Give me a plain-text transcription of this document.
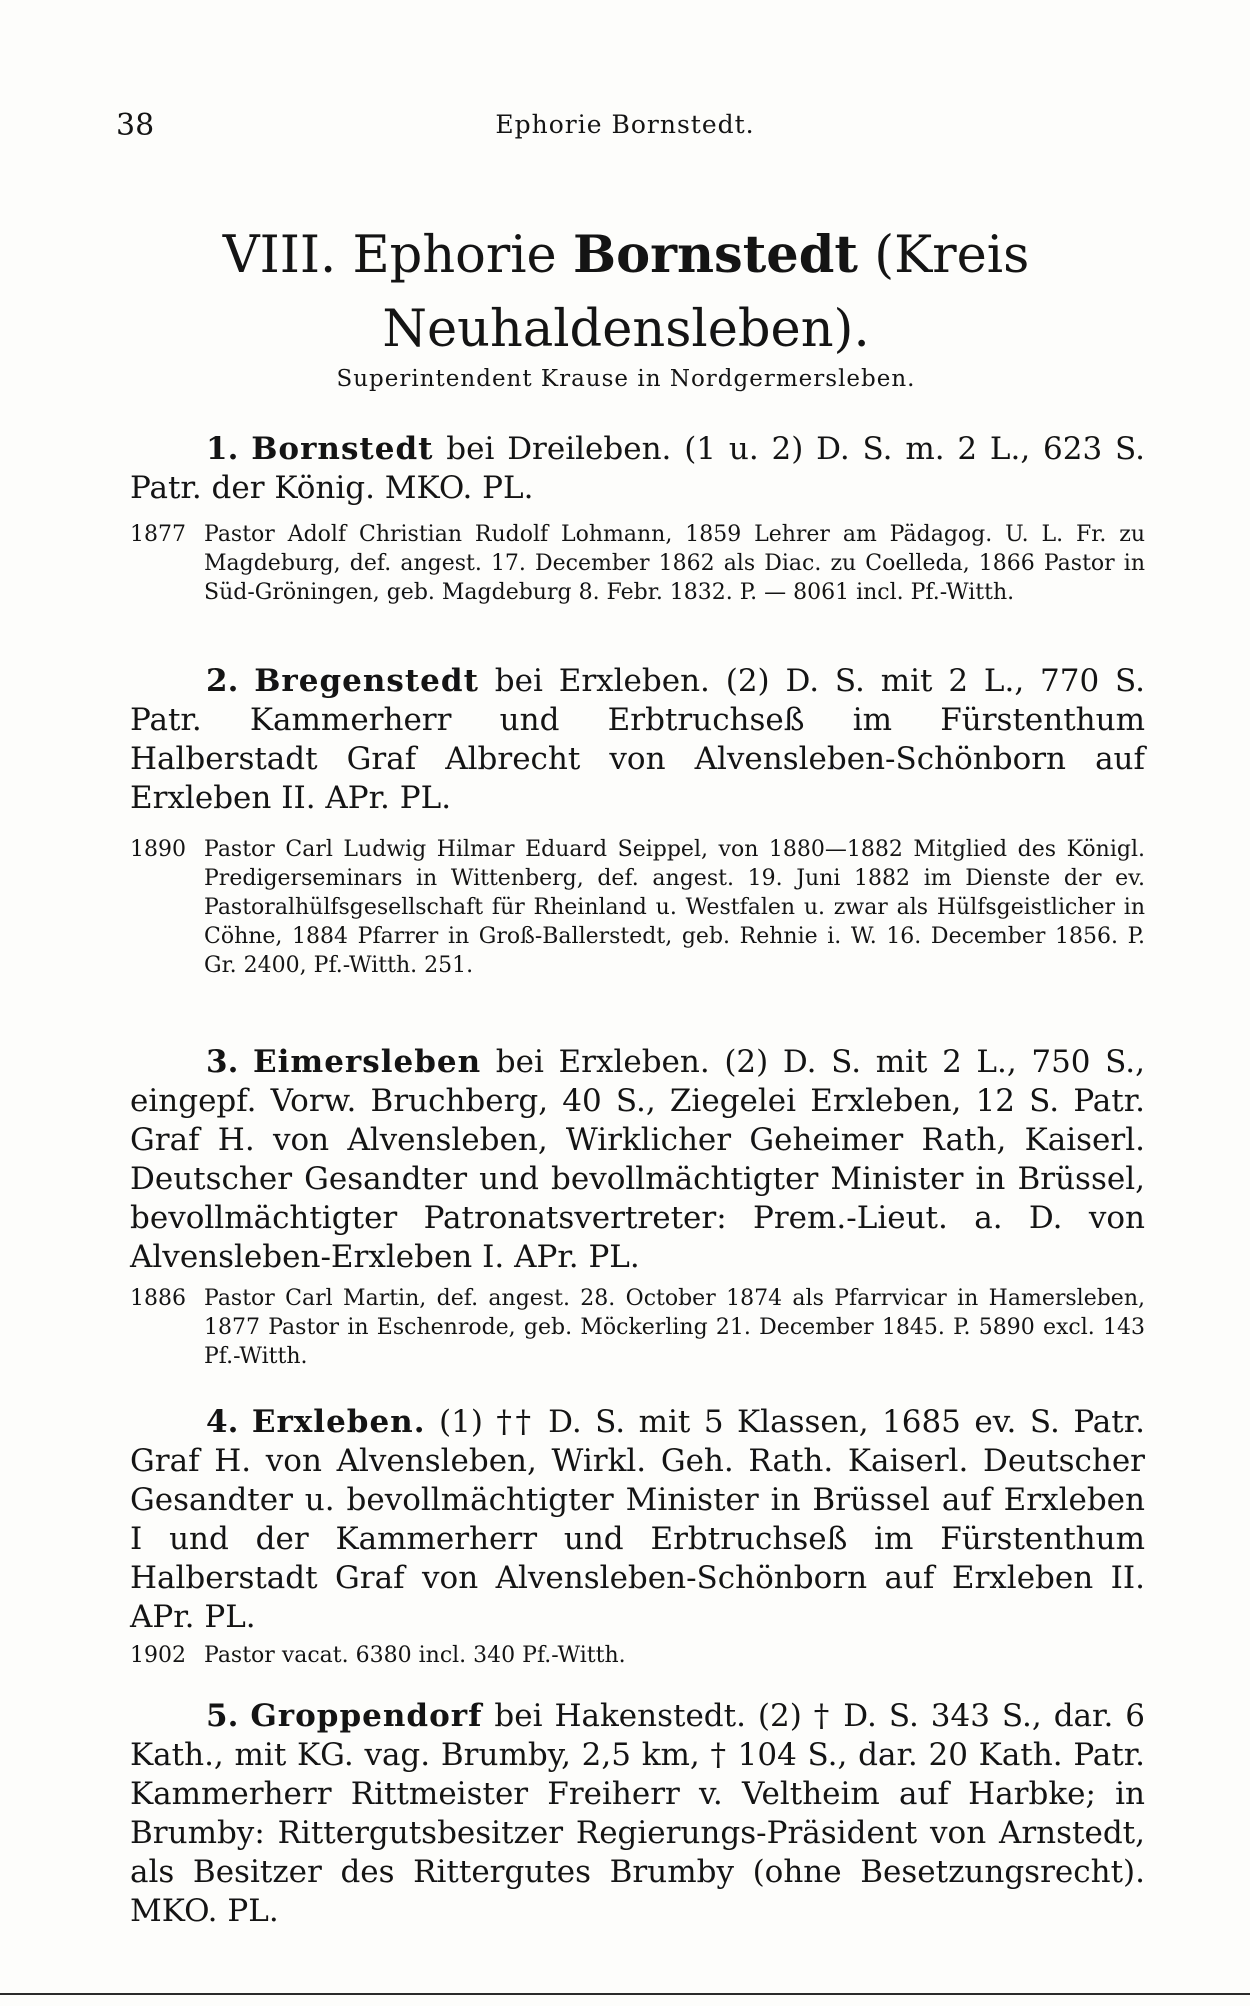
38	Ephorie Bornstedt.
VIII. Ephorie Bornstedt (Kreis Neuhaldensleben).
Superintendent Krause in Nordgermersleben.
1. Bornstedt bei Dreileben. (1 u. 2) D. S. m. 2 L., 623 S. Patr. der König. MKO. PL.
1877 Pastor Adolf Christian Rudolf Lohmann, 1859 Lehrer am Pädagog. U. L. Fr. zu Magdeburg, def. angest. 17. December 1862 als Diac. zu Coelleda, 1866 Pastor in Süd-Gröningen, geb. Magdeburg 8. Febr. 1832. P. — 8061 incl. Pf.-Witth.
2. Bregenstedt bei Erxleben. (2) D. S. mit 2 L., 770 S. Patr. Kammerherr und Erbtruchseß im Fürstenthum Halberstadt Graf Albrecht von Alvensleben-Schönborn auf Erxleben II. APr. PL.
1890 Pastor Carl Ludwig Hilmar Eduard Seippel, von 1880—1882 Mitglied des Königl. Predigerseminars in Wittenberg, def. angest. 19. Juni 1882 im Dienste der ev. Pastoralhülfsgesellschaft für Rheinland u. Westfalen u. zwar als Hülfsgeistlicher in Cöhne, 1884 Pfarrer in Groß-Ballerstedt, geb. Rehnie i. W. 16. December 1856. P. Gr. 2400, Pf.-Witth. 251.
3. Eimersleben bei Erxleben. (2) D. S. mit 2 L., 750 S., eingepf. Vorw. Bruchberg, 40 S., Ziegelei Erxleben, 12 S. Patr. Graf H. von Alvensleben, Wirklicher Geheimer Rath, Kaiserl. Deutscher Gesandter und bevollmächtigter Minister in Brüssel, bevollmächtigter Patronatsvertreter: Prem.-Lieut. a. D. von Alvensleben-Erxleben I. APr. PL.
1886 Pastor Carl Martin, def. angest. 28. October 1874 als Pfarrvicar in Hamersleben, 1877 Pastor in Eschenrode, geb. Möckerling 21. December 1845. P. 5890 excl. 143 Pf.-Witth.
4. Erxleben. (1) †† D. S. mit 5 Klassen, 1685 ev. S. Patr. Graf H. von Alvensleben, Wirkl. Geh. Rath. Kaiserl. Deutscher Gesandter u. bevollmächtigter Minister in Brüssel auf Erxleben I und der Kammerherr und Erbtruchseß im Fürstenthum Halberstadt Graf von Alvensleben-Schönborn auf Erxleben II. APr. PL.
1902 Pastor vacat. 6380 incl. 340 Pf.-Witth.
5. Groppendorf bei Hakenstedt. (2) † D. S. 343 S., dar. 6 Kath., mit KG. vag. Brumby, 2,5 km, † 104 S., dar. 20 Kath. Patr. Kammerherr Rittmeister Freiherr v. Veltheim auf Harbke; in Brumby: Rittergutsbesitzer Regierungs-Präsident von Arnstedt, als Besitzer des Rittergutes Brumby (ohne Besetzungsrecht). MKO. PL.
